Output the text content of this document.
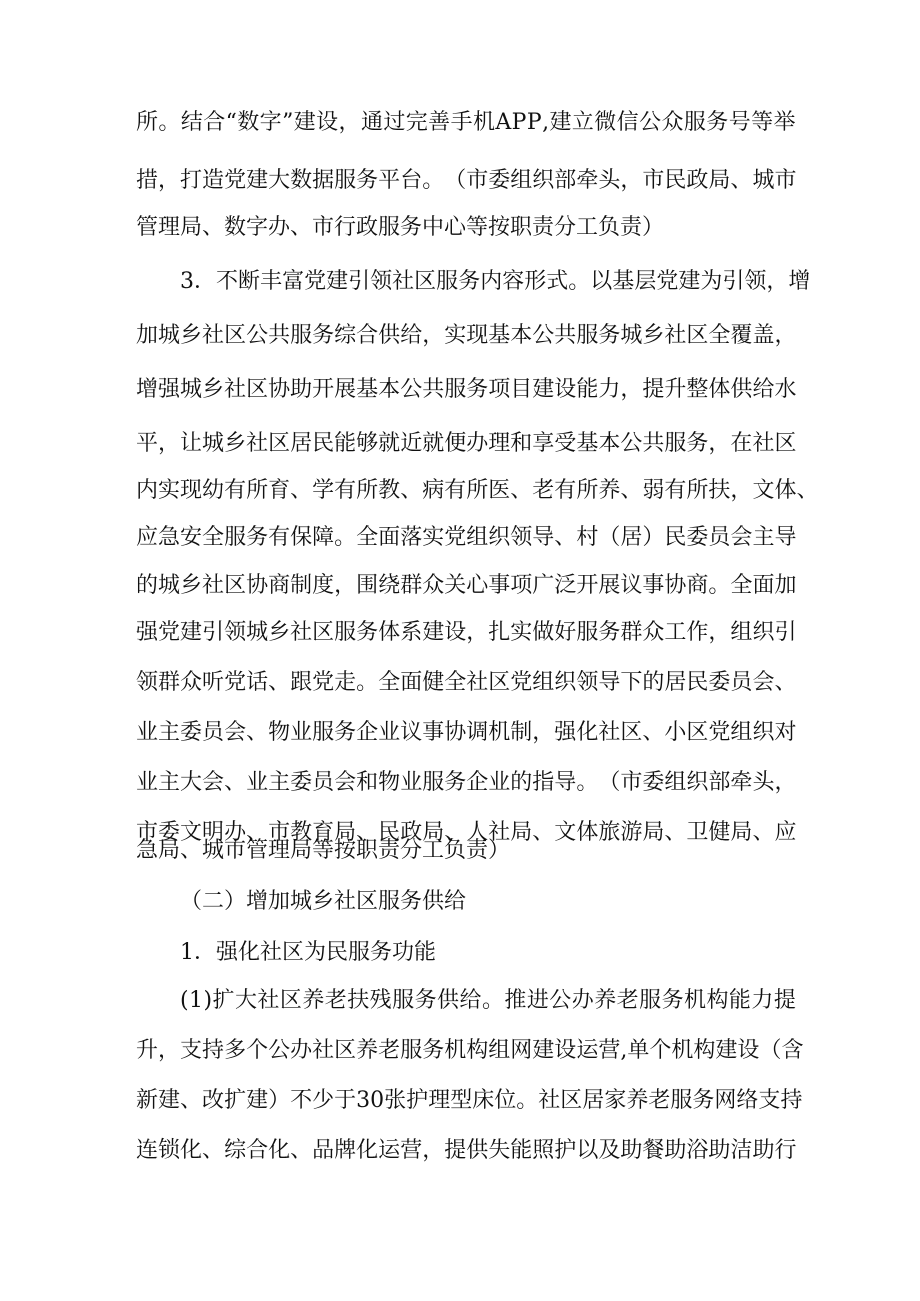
所 。 结 合 “ 数 字 ” 建 设 ， 通 过 完 善 手 机 A P P , 建 立 微 信 公 众 服 务 号 等 举

措 ， 打 造 党 建 大 数 据 服 务 平 台 。 （ 市 委 组 织 部 牵 头 ， 市 民 政 局 、 城 市

管理局、数字办、市行政服务中心等按职责分工负责）

3 ． 不 断 丰 富 党 建 引 领 社 区 服 务 内 容 形 式 。 以 基 层 党 建 为 引 领 ， 增

加 城 乡 社 区 公 共 服 务 综 合 供 给 ， 实 现 基 本 公 共 服 务 城 乡 社 区 全 覆 盖 ，

增 强 城 乡 社 区 协 助 开 展 基 本 公 共 服 务 项 目 建 设 能 力 ， 提 升 整 体 供 给 水

平 ， 让 城 乡 社 区 居 民 能 够 就 近 就 便 办 理 和 享 受 基 本 公 共 服 务 ， 在 社 区

内 实 现 幼 有 所 育 、 学 有 所 教 、 病 有 所 医 、 老 有 所 养 、 弱 有 所 扶 ， 文 体 、

应 急 安 全 服 务 有 保 障 。 全 面 落 实 党 组 织 领 导 、 村 （ 居 ） 民 委 员 会 主 导

的 城 乡 社 区 协 商 制 度 ， 围 绕 群 众 关 心 事 项 广 泛 开 展 议 事 协 商 。 全 面 加

强 党 建 引 领 城 乡 社 区 服 务 体 系 建 设 ， 扎 实 做 好 服 务 群 众 工 作 ， 组 织 引

领 群 众 听 党 话 、 跟 党 走 。 全 面 健 全 社 区 党 组 织 领 导 下 的 居 民 委 员 会 、

业 主 委 员 会 、 物 业 服 务 企 业 议 事 协 调 机 制 ， 强 化 社 区 、 小 区 党 组 织 对

业 主 大 会 、 业 主 委 员 会 和 物 业 服 务 企 业 的 指 导 。 （ 市 委 组 织 部 牵 头 ，

市 委 文 明 办 、 市 教 育 局 、 民 政 局 、 人 社 局 、 文 体 旅 游 局 、 卫 健 局 、 应

急局、城市管理局等按职责分工负责）

（二）增加城乡社区服务供给

1．强化社区为民服务功能

( 1 ) 扩 大 社 区 养 老 扶 残 服 务 供 给 。 推 进 公 办 养 老 服 务 机 构 能 力 提

升 ， 支 持 多 个 公 办 社 区 养 老 服 务 机 构 组 网 建 设 运 营 , 单 个 机 构 建 设 （ 含

新 建 、 改 扩 建 ） 不 少 于 3 0 张 护 理 型 床 位 。 社 区 居 家 养 老 服 务 网 络 支 持

连 锁 化 、 综 合 化 、 品 牌 化 运 营 ， 提 供 失 能 照 护 以 及 助 餐 助 浴 助 洁 助 行
